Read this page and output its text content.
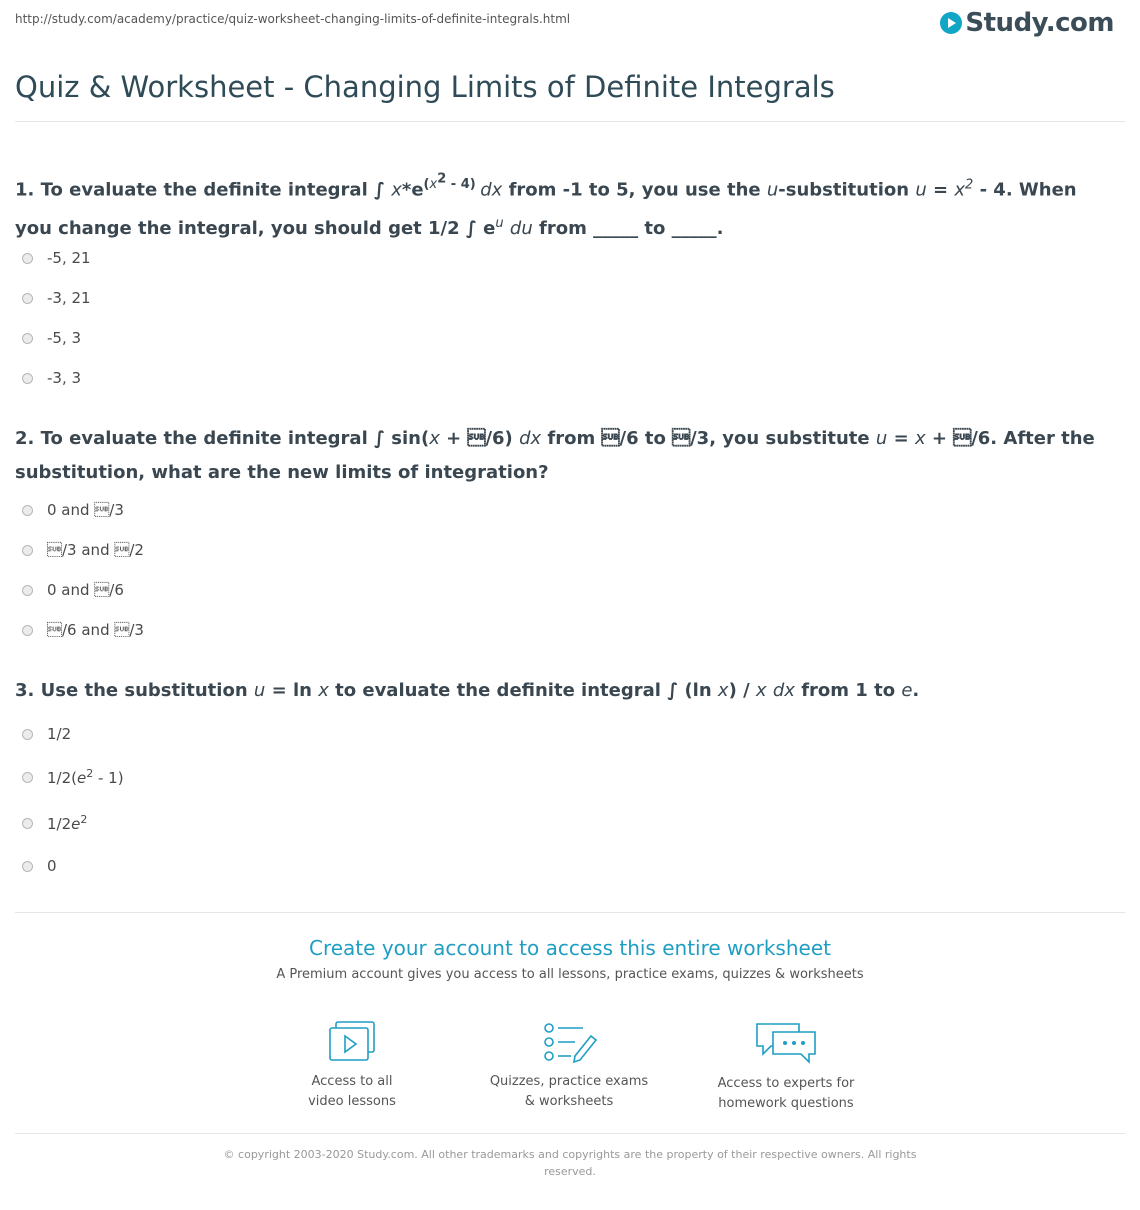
http://study.com/academy/practice/quiz-worksheet-changing-limits-of-definite-integrals.html	Study.com
Quiz & Worksheet - Changing Limits of Definite Integrals

1. To evaluate the definite integral ∫ $x*e^{(x^2 - 4)}$ dx from -1 to 5, you use the u-substitution $u = x^2 - 4$. When you change the integral, you should get 1/2 ∫ $e^u$ du from _____ to _____.

-5, 21
-3, 21
-5, 3
-3, 3

2. To evaluate the definite integral ∫ sin(x + /6) dx from /6 to /3, you substitute u = x + /6. After the substitution, what are the new limits of integration?

0 and /3
/3 and /2
0 and /6
/6 and /3

3. Use the substitution u = ln x to evaluate the definite integral ∫ (ln x) / x dx from 1 to e.

1/2
$1/2(e^2 - 1)$
$1/2e^2$
0
Create your account to access this entire worksheet
A Premium account gives you access to all lessons, practice exams, quizzes & worksheets
Access to all
video lessons
Quizzes, practice exams
& worksheets
Access to experts for
homework questions
© copyright 2003-2020 Study.com. All other trademarks and copyrights are the property of their respective owners. All rights reserved.
